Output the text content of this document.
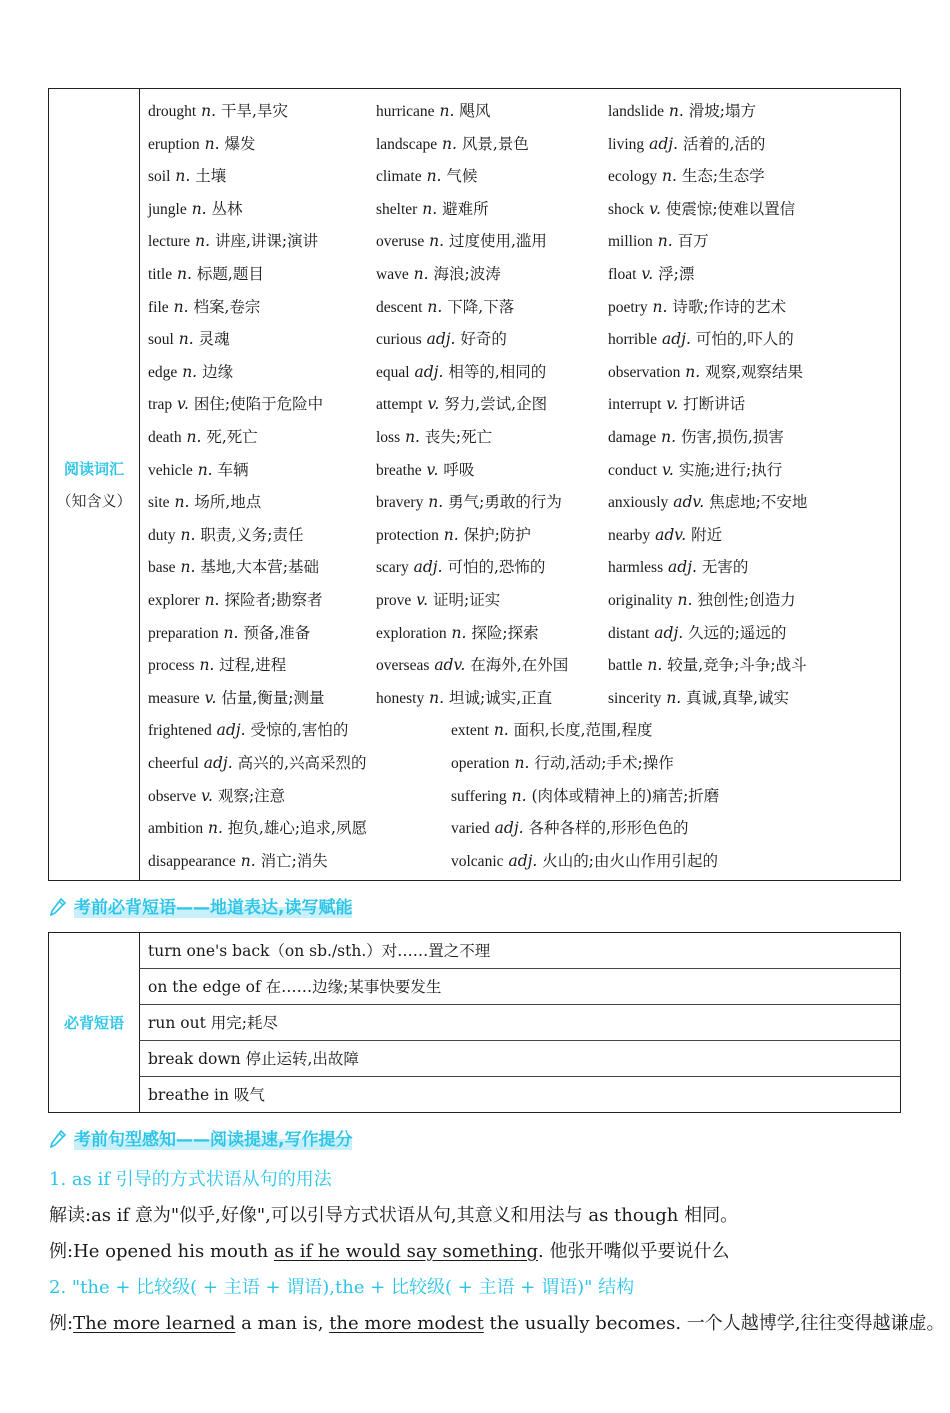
阅读词汇
（知含义）
drought n. 干旱,旱灾
eruption n. 爆发
soil n. 土壤
jungle n. 丛林
lecture n. 讲座,讲课;演讲
title n. 标题,题目
file n. 档案,卷宗
soul n. 灵魂
edge n. 边缘
trap v. 困住;使陷于危险中
death n. 死,死亡
vehicle n. 车辆
site n. 场所,地点
duty n. 职责,义务;责任
base n. 基地,大本营;基础
explorer n. 探险者;勘察者
preparation n. 预备,准备
process n. 过程,进程
measure v. 估量,衡量;测量
hurricane n. 飓风
landscape n. 风景,景色
climate n. 气候
shelter n. 避难所
overuse n. 过度使用,滥用
wave n. 海浪;波涛
descent n. 下降,下落
curious adj. 好奇的
equal adj. 相等的,相同的
attempt v. 努力,尝试,企图
loss n. 丧失;死亡
breathe v. 呼吸
bravery n. 勇气;勇敢的行为
protection n. 保护;防护
scary adj. 可怕的,恐怖的
prove v. 证明;证实
exploration n. 探险;探索
overseas adv. 在海外,在外国
honesty n. 坦诚;诚实,正直
landslide n. 滑坡;塌方
living adj. 活着的,活的
ecology n. 生态;生态学
shock v. 使震惊;使难以置信
million n. 百万
float v. 浮;漂
poetry n. 诗歌;作诗的艺术
horrible adj. 可怕的,吓人的
observation n. 观察,观察结果
interrupt v. 打断讲话
damage n. 伤害,损伤,损害
conduct v. 实施;进行;执行
anxiously adv. 焦虑地;不安地
nearby adv. 附近
harmless adj. 无害的
originality n. 独创性;创造力
distant adj. 久远的;遥远的
battle n. 较量,竞争;斗争;战斗
sincerity n. 真诚,真挚,诚实
frightened adj. 受惊的,害怕的
cheerful adj. 高兴的,兴高采烈的
observe v. 观察;注意
ambition n. 抱负,雄心;追求,夙愿
disappearance n. 消亡;消失
extent n. 面积,长度,范围,程度
operation n. 行动,活动;手术;操作
suffering n. (肉体或精神上的)痛苦;折磨
varied adj. 各种各样的,形形色色的
volcanic adj. 火山的;由火山作用引起的
考前必背短语——地道表达,读写赋能
必背短语
turn one's back（on sb./sth.）对……置之不理
on the edge of 在……边缘;某事快要发生
run out 用完;耗尽
break down 停止运转,出故障
breathe in 吸气
考前句型感知——阅读提速,写作提分
1. as if 引导的方式状语从句的用法
解读:as if 意为"似乎,好像",可以引导方式状语从句,其意义和用法与 as though 相同。
例:He opened his mouth as if he would say something. 他张开嘴似乎要说什么
2. "the + 比较级( + 主语 + 谓语),the + 比较级( + 主语 + 谓语)" 结构
例:The more learned a man is, the more modest the usually becomes. 一个人越博学,往往变得越谦虚。
